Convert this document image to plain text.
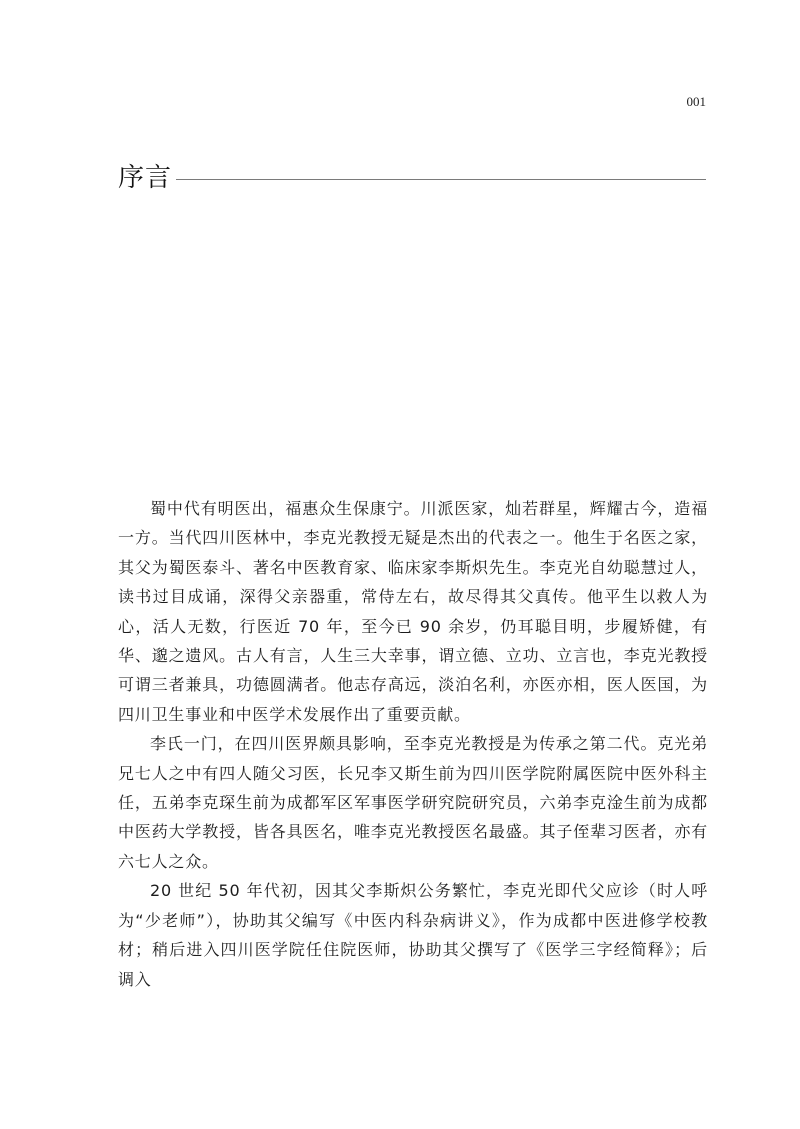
001
序言

蜀中代有明医出，福惠众生保康宁。川派医家，灿若群星，辉耀古今，造福一方。当代四川医林中，李克光教授无疑是杰出的代表之一。他生于名医之家，其父为蜀医泰斗、著名中医教育家、临床家李斯炽先生。李克光自幼聪慧过人，读书过目成诵，深得父亲器重，常侍左右，故尽得其父真传。他平生以救人为心，活人无数，行医近 70 年，至今已 90 余岁，仍耳聪目明，步履矫健，有华、邈之遗风。古人有言，人生三大幸事，谓立德、立功、立言也，李克光教授可谓三者兼具，功德圆满者。他志存高远，淡泊名利，亦医亦相，医人医国，为四川卫生事业和中医学术发展作出了重要贡献。

李氏一门，在四川医界颇具影响，至李克光教授是为传承之第二代。克光弟兄七人之中有四人随父习医，长兄李又斯生前为四川医学院附属医院中医外科主任，五弟李克琛生前为成都军区军事医学研究院研究员，六弟李克淦生前为成都中医药大学教授，皆各具医名，唯李克光教授医名最盛。其子侄辈习医者，亦有六七人之众。

20 世纪 50 年代初，因其父李斯炽公务繁忙，李克光即代父应诊（时人呼为“少老师”），协助其父编写《中医内科杂病讲义》，作为成都中医进修学校教材；稍后进入四川医学院任住院医师，协助其父撰写了《医学三字经简释》；后调入
